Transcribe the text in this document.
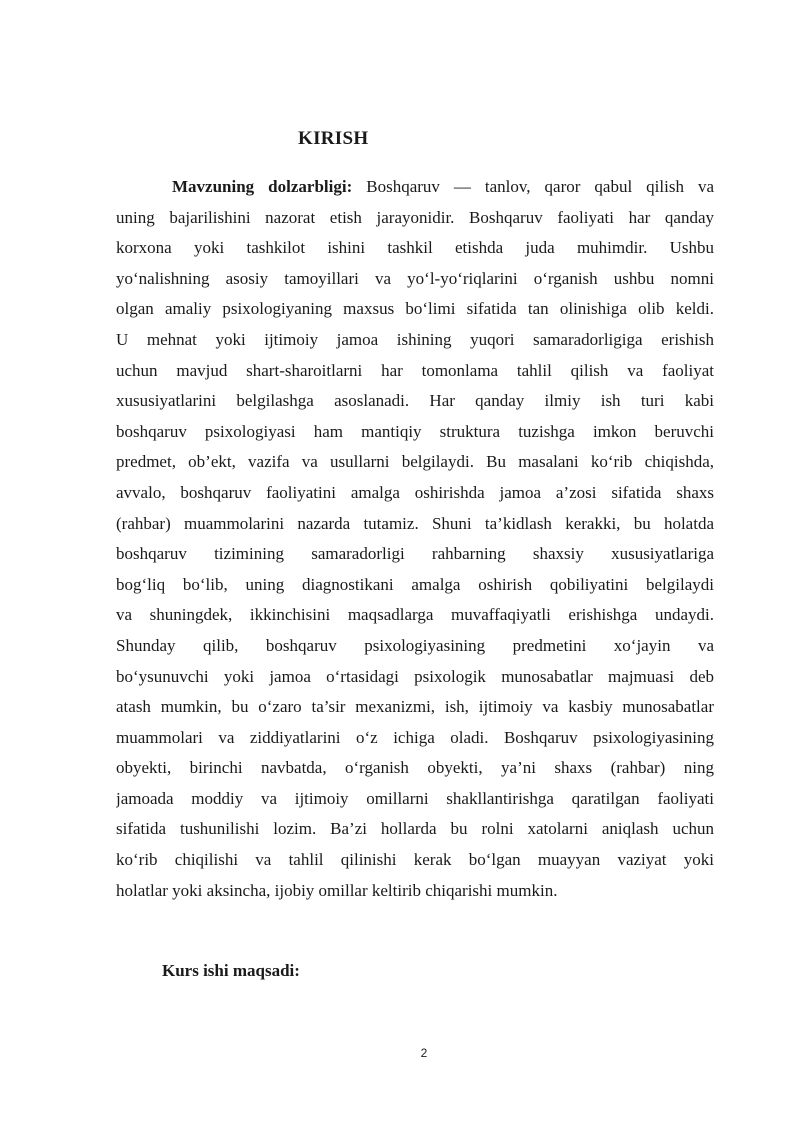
KIRISH
Mavzuning dolzarbligi: Boshqaruv — tanlov, qaror qabul qilish va
uning bajarilishini nazorat etish jarayonidir. Boshqaruv faoliyati har qanday
korxona yoki tashkilot ishini tashkil etishda juda muhimdir. Ushbu
yoʻnalishning asosiy tamoyillari va yoʻl-yoʻriqlarini oʻrganish ushbu nomni
olgan amaliy psixologiyaning maxsus boʻlimi sifatida tan olinishiga olib keldi.
U mehnat yoki ijtimoiy jamoa ishining yuqori samaradorligiga erishish
uchun mavjud shart-sharoitlarni har tomonlama tahlil qilish va faoliyat
xususiyatlarini belgilashga asoslanadi. Har qanday ilmiy ish turi kabi
boshqaruv psixologiyasi ham mantiqiy struktura tuzishga imkon beruvchi
predmet, ob’ekt, vazifa va usullarni belgilaydi. Bu masalani koʻrib chiqishda,
avvalo, boshqaruv faoliyatini amalga oshirishda jamoa a’zosi sifatida shaxs
(rahbar) muammolarini nazarda tutamiz. Shuni ta’kidlash kerakki, bu holatda
boshqaruv tizimining samaradorligi rahbarning shaxsiy xususiyatlariga
bogʻliq boʻlib, uning diagnostikani amalga oshirish qobiliyatini belgilaydi
va shuningdek, ikkinchisini maqsadlarga muvaffaqiyatli erishishga undaydi.
Shunday qilib, boshqaruv psixologiyasining predmetini xoʻjayin va
boʻysunuvchi yoki jamoa oʻrtasidagi psixologik munosabatlar majmuasi deb
atash mumkin, bu oʻzaro ta’sir mexanizmi, ish, ijtimoiy va kasbiy munosabatlar
muammolari va ziddiyatlarini oʻz ichiga oladi. Boshqaruv psixologiyasining
obyekti, birinchi navbatda, oʻrganish obyekti, ya’ni shaxs (rahbar) ning
jamoada moddiy va ijtimoiy omillarni shakllantirishga qaratilgan faoliyati
sifatida tushunilishi lozim. Ba’zi hollarda bu rolni xatolarni aniqlash uchun
koʻrib chiqilishi va tahlil qilinishi kerak boʻlgan muayyan vaziyat yoki
holatlar yoki aksincha, ijobiy omillar keltirib chiqarishi mumkin.
Kurs ishi maqsadi:
2
